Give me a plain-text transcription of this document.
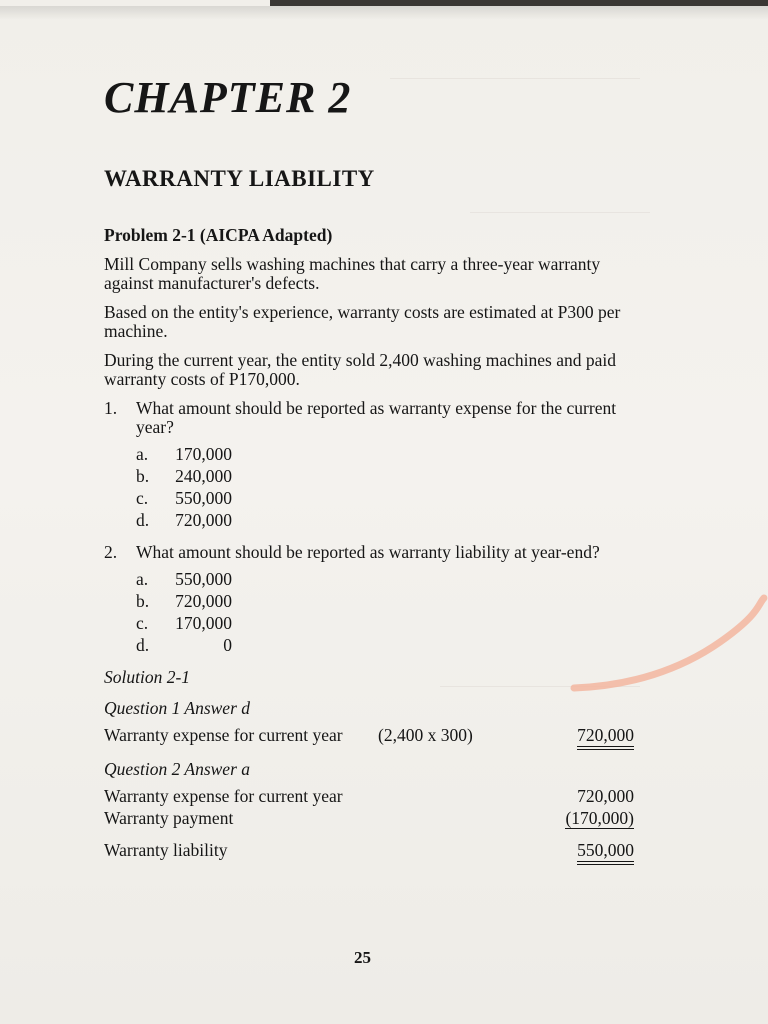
CHAPTER 2
WARRANTY LIABILITY
Problem 2-1 (AICPA Adapted)

Mill Company sells washing machines that carry a three-year warranty against manufacturer's defects.

Based on the entity's experience, warranty costs are estimated at P300 per machine.

During the current year, the entity sold 2,400 washing machines and paid warranty costs of P170,000.

1. What amount should be reported as warranty expense for the current year?
a.	170,000
b.	240,000
c.	550,000
d.	720,000
2. What amount should be reported as warranty liability at year-end?
a.	550,000
b.	720,000
c.	170,000
d.	0
Solution 2-1
Question 1 Answer d
Warranty expense for current year (2,400 x 300)	720,000
Question 2 Answer a
Warranty expense for current year	720,000
Warranty payment	(170,000)
Warranty liability	550,000
25
